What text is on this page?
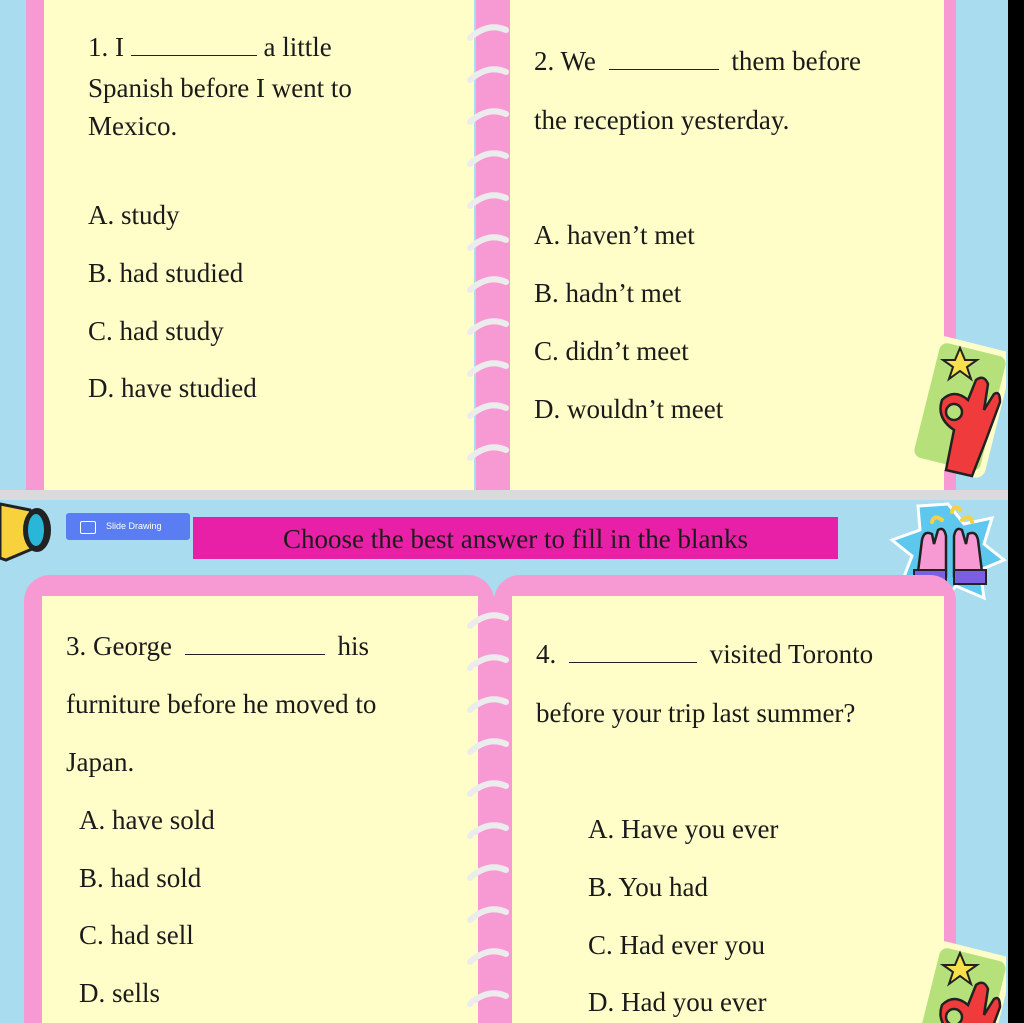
1. I	a little
Spanish before I went to
Mexico.
A. study
B. had studied
C. had study
D. have studied
2. We	them before
the reception yesterday.
A. haven’t met
B. hadn’t met
C. didn’t meet
D. wouldn’t meet
Slide Drawing	Choose the best answer to fill in the blanks
3. George	his
furniture before he moved to
Japan.
A. have sold
B. had sold
C. had sell
D. sells
4.	visited Toronto
before your trip last summer?
A. Have you ever
B. You had
C. Had ever you
D. Had you ever
